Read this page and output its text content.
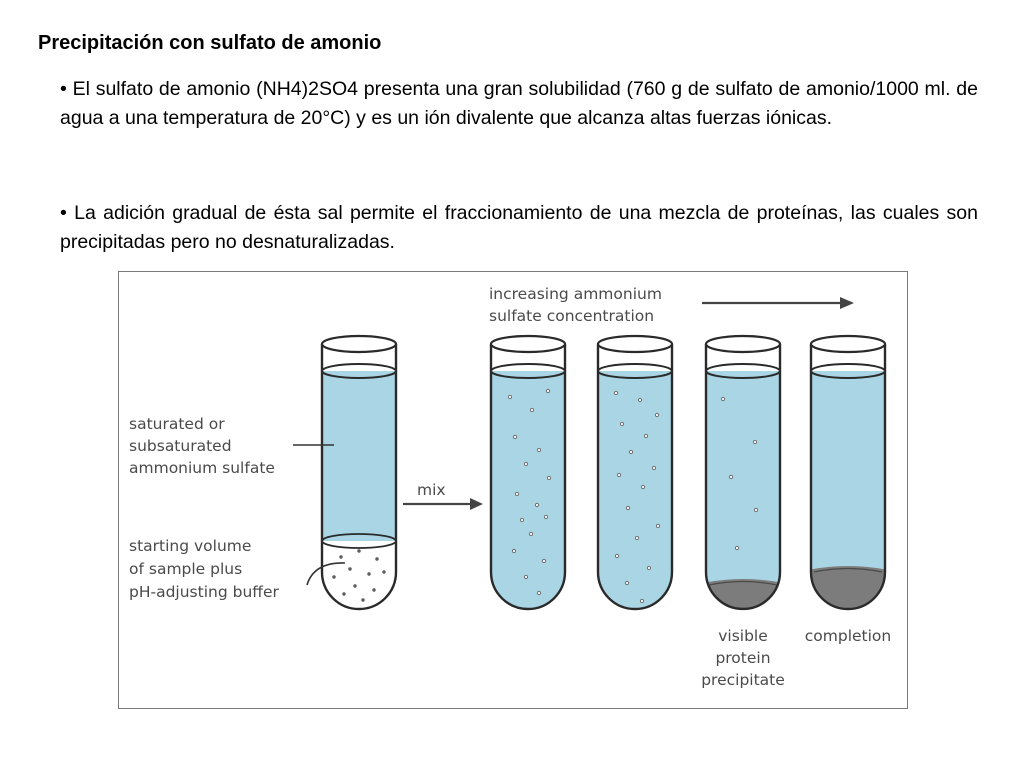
Precipitación con sulfato de amonio

• El sulfato de amonio (NH4)2SO4 presenta una gran solubilidad (760 g de sulfato de amonio/1000 ml. de agua a una temperatura de 20°C) y es un ión divalente que alcanza altas fuerzas iónicas.

• La adición gradual de ésta sal permite el fraccionamiento de una mezcla de proteínas, las cuales son precipitadas pero no desnaturalizadas.

increasing ammonium
sulfate concentration
saturated or
subsaturated
ammonium sulfate
starting volume
of sample plus
pH-adjusting buffer
mix
visible
protein
precipitate
completion
